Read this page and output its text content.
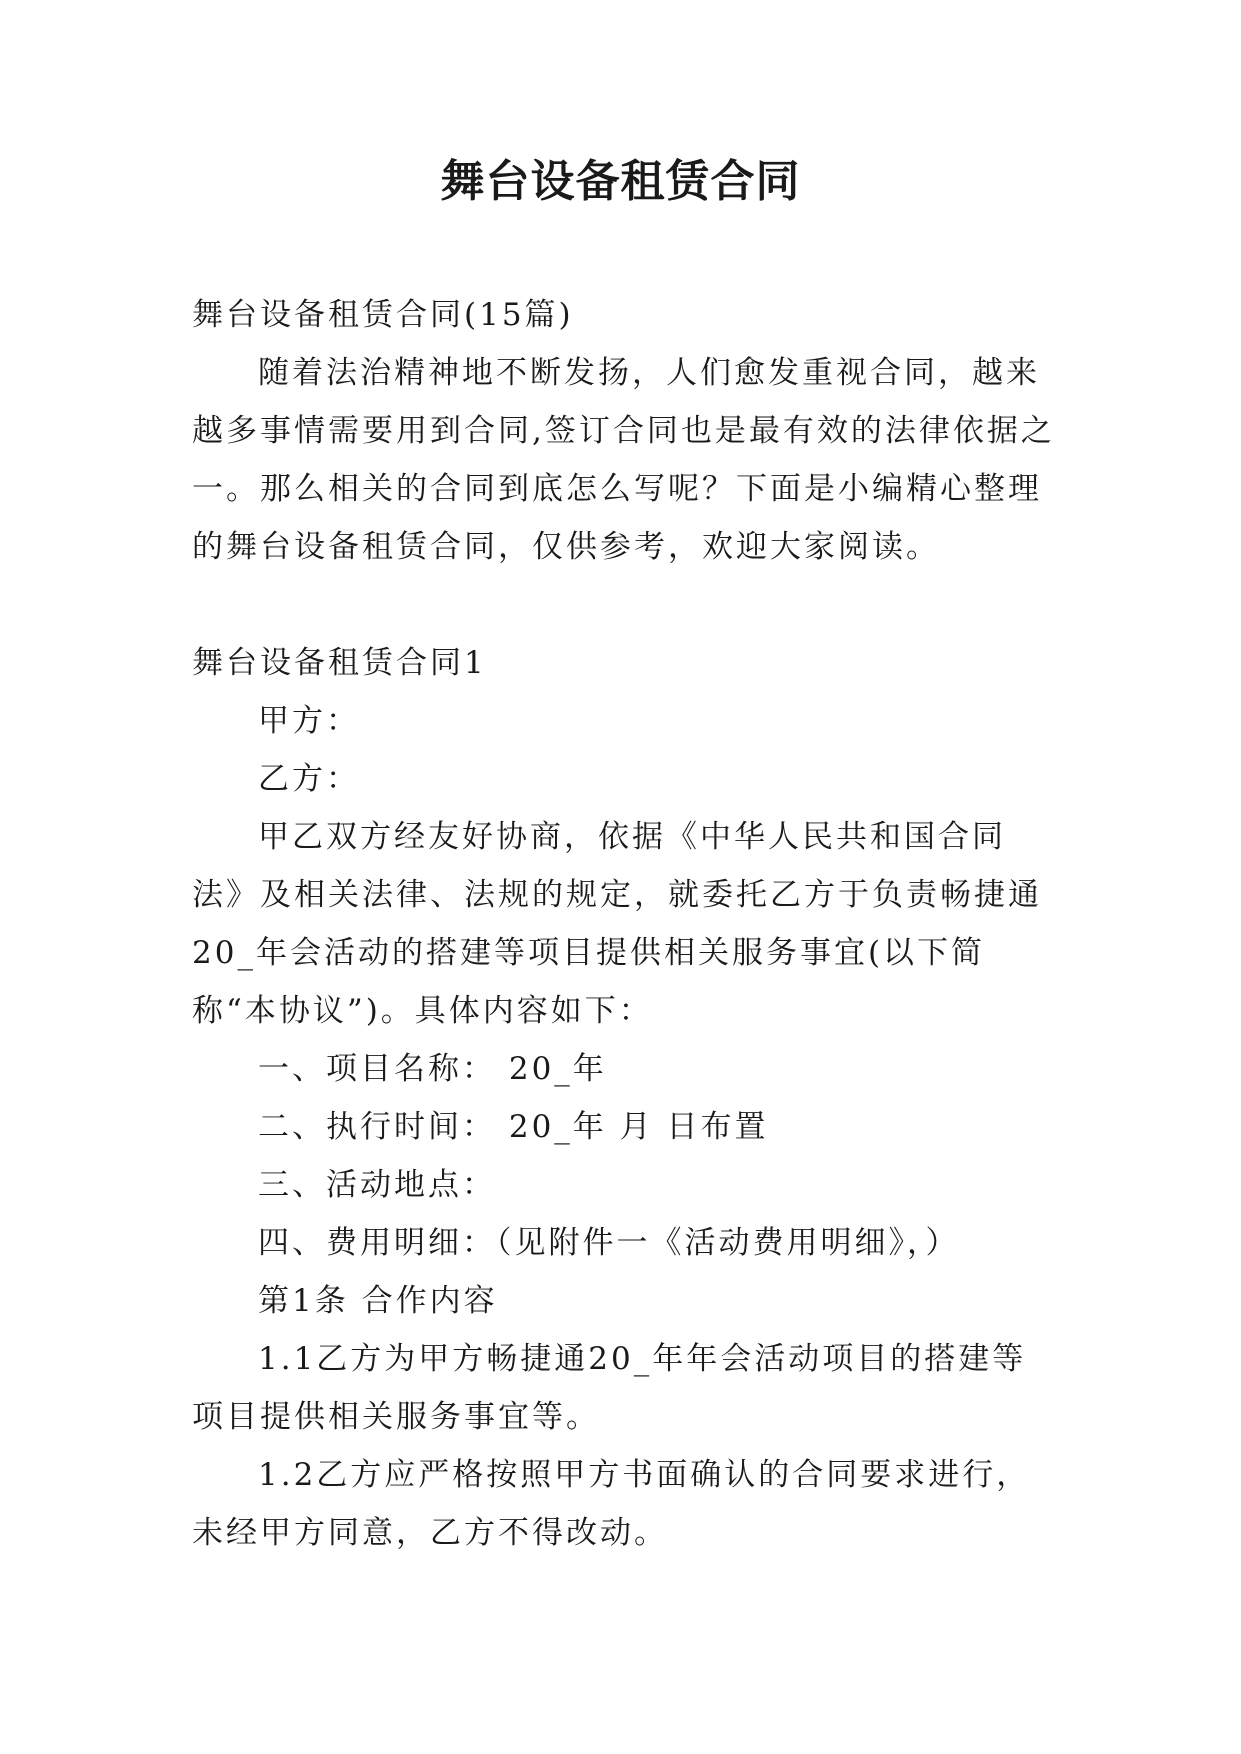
舞台设备租赁合同

舞台设备租赁合同(15篇)

随着法治精神地不断发扬，人们愈发重视合同，越来越多事情需要用到合同,签订合同也是最有效的法律依据之一。那么相关的合同到底怎么写呢？下面是小编精心整理的舞台设备租赁合同，仅供参考，欢迎大家阅读。

舞台设备租赁合同1

甲方：

乙方：

甲乙双方经友好协商，依据《中华人民共和国合同法》及相关法律、法规的规定，就委托乙方于负责畅捷通20_年会活动的搭建等项目提供相关服务事宜(以下简称“本协议”)。具体内容如下：

一、项目名称： 20_年

二、执行时间： 20_年 月 日布置

三、活动地点：

四、费用明细：（见附件一《活动费用明细》，）

第1条 合作内容

1.1乙方为甲方畅捷通20_年年会活动项目的搭建等项目提供相关服务事宜等。

1.2乙方应严格按照甲方书面确认的合同要求进行，未经甲方同意，乙方不得改动。
